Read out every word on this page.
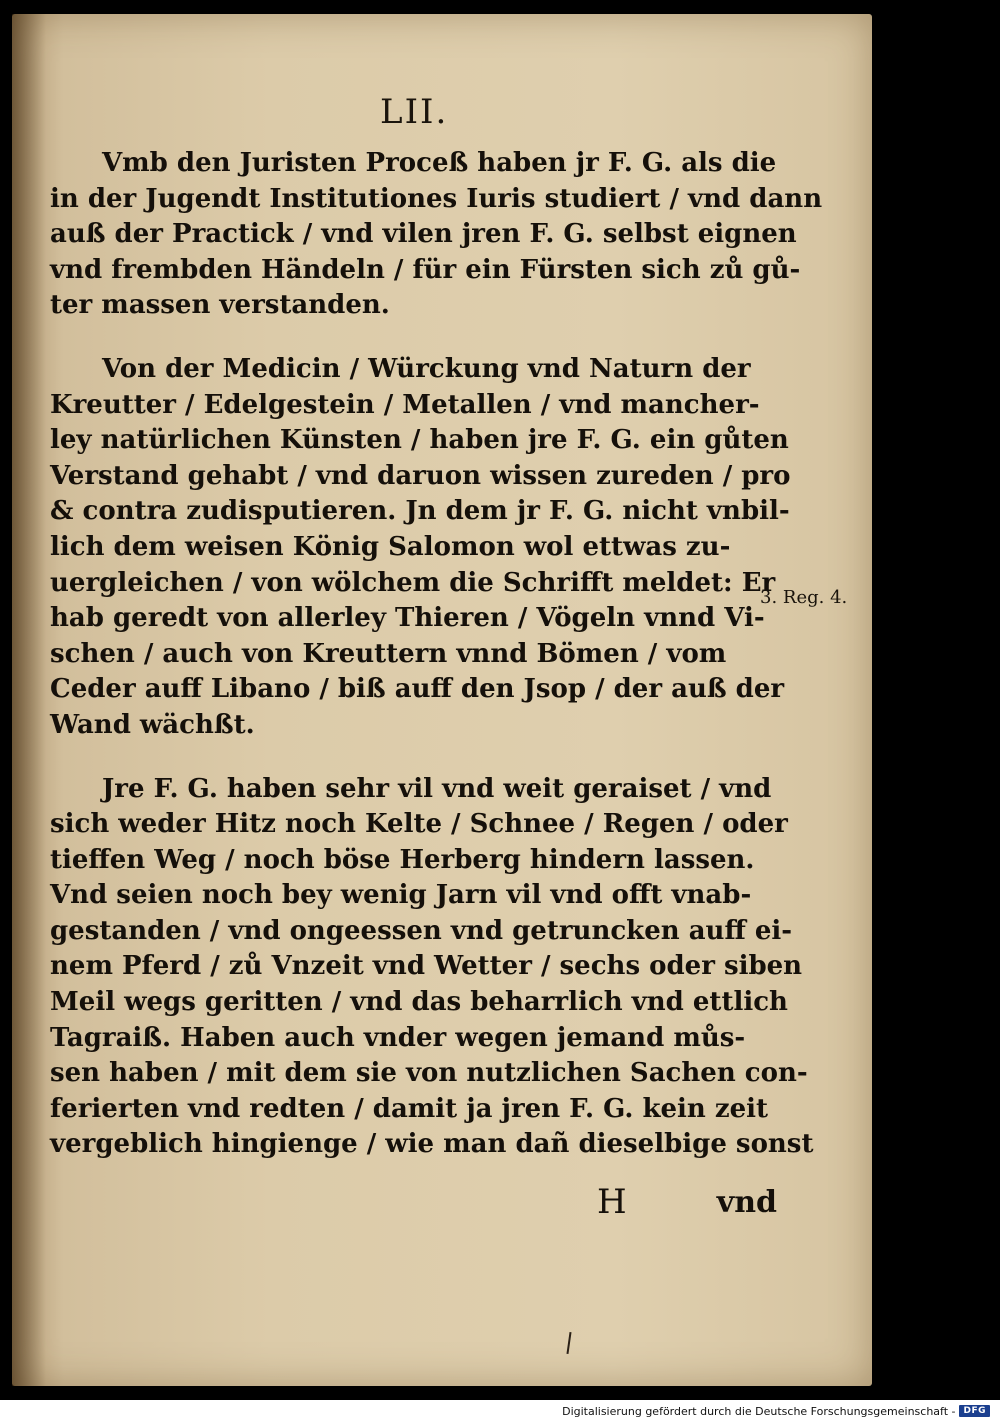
LII.
Vmb den Juristen Proceß haben jr F. G. als die
in der Jugendt Institutiones Iuris studiert / vnd dann
auß der Practick / vnd vilen jren F. G. selbst eignen
vnd frembden Händeln / für ein Fürsten sich zů gů-
ter massen verstanden.
Von der Medicin / Würckung vnd Naturn der
Kreutter / Edelgestein / Metallen / vnd mancher-
ley natürlichen Künsten / haben jre F. G. ein gůten
Verstand gehabt / vnd daruon wissen zureden / pro
& contra zudisputieren. Jn dem jr F. G. nicht vnbil-
lich dem weisen König Salomon wol ettwas zu-
uergleichen / von wölchem die Schrifft meldet: Er
hab geredt von allerley Thieren / Vögeln vnnd Vi-
schen / auch von Kreuttern vnnd Bömen / vom
Ceder auff Libano / biß auff den Jsop / der auß der
Wand wächßt.
Jre F. G. haben sehr vil vnd weit geraiset / vnd
sich weder Hitz noch Kelte / Schnee / Regen / oder
tieffen Weg / noch böse Herberg hindern lassen.
Vnd seien noch bey wenig Jarn vil vnd offt vnab-
gestanden / vnd ongeessen vnd getruncken auff ei-
nem Pferd / zů Vnzeit vnd Wetter / sechs oder siben
Meil wegs geritten / vnd das beharrlich vnd ettlich
Tagraiß. Haben auch vnder wegen jemand můs-
sen haben / mit dem sie von nutzlichen Sachen con-
ferierten vnd redten / damit ja jren F. G. kein zeit
vergeblich hingienge / wie man dañ dieselbige sonst
3. Reg. 4.
H	vnd
Digitalisierung gefördert durch die Deutsche Forschungsgemeinschaft - DFG
